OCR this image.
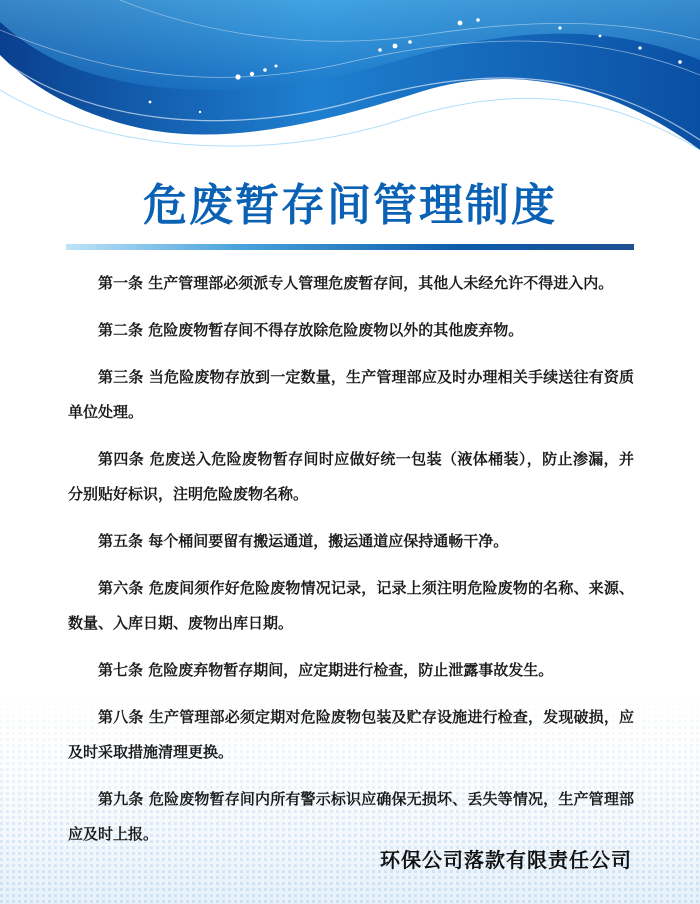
危废暂存间管理制度
第一条 生产管理部必须派专人管理危废暂存间，其他人未经允许不得进入内。
第二条 危险废物暂存间不得存放除危险废物以外的其他废弃物。
第三条 当危险废物存放到一定数量，生产管理部应及时办理相关手续送往有资质单位处理。
第四条 危废送入危险废物暂存间时应做好统一包装（液体桶装），防止渗漏，并分别贴好标识，注明危险废物名称。
第五条 每个桶间要留有搬运通道，搬运通道应保持通畅干净。
第六条 危废间须作好危险废物情况记录，记录上须注明危险废物的名称、来源、数量、入库日期、废物出库日期。
第七条 危险废弃物暂存期间，应定期进行检查，防止泄露事故发生。
第八条 生产管理部必须定期对危险废物包装及贮存设施进行检查，发现破损，应及时采取措施清理更换。
第九条 危险废物暂存间内所有警示标识应确保无损坏、丢失等情况，生产管理部应及时上报。

环保公司落款有限责任公司
